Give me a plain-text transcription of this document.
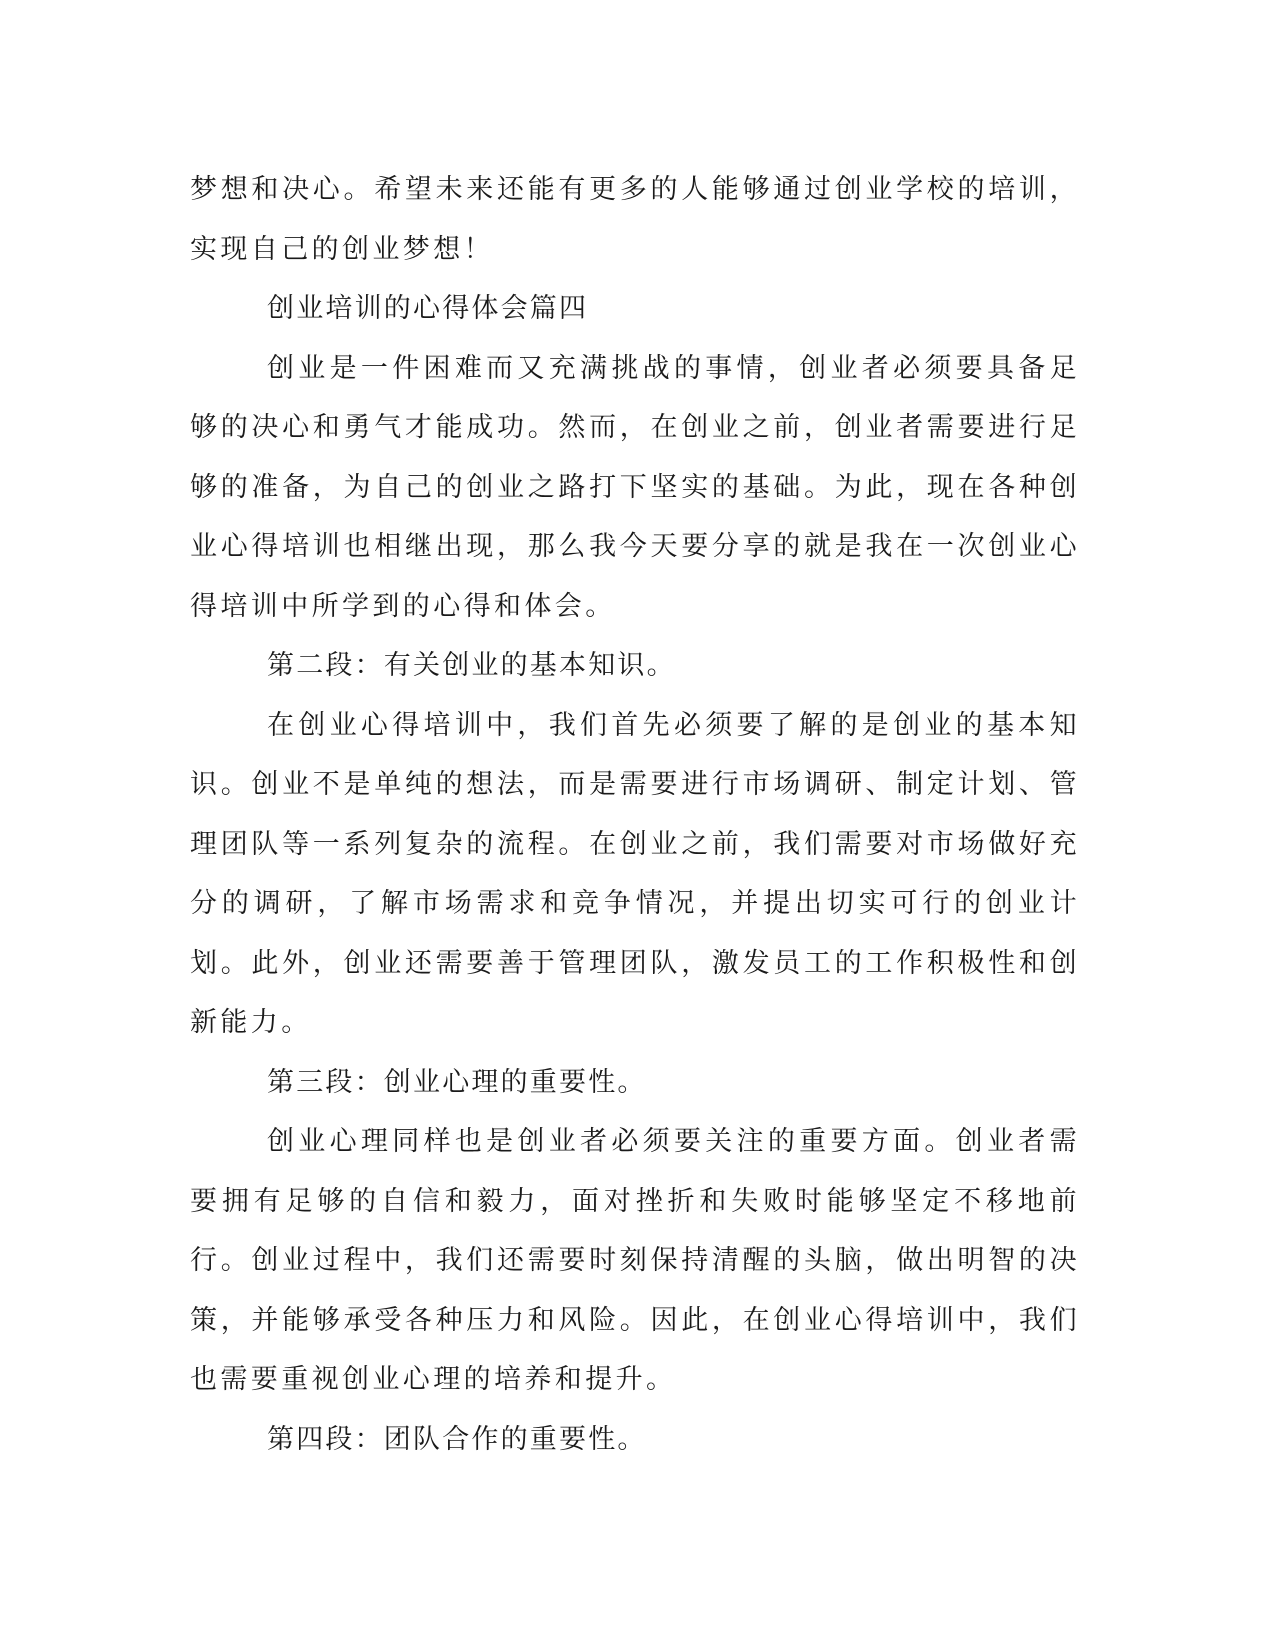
梦想和决心。希望未来还能有更多的人能够通过创业学校的培训，实现自己的创业梦想！

创业培训的心得体会篇四

创业是一件困难而又充满挑战的事情，创业者必须要具备足够的决心和勇气才能成功。然而，在创业之前，创业者需要进行足够的准备，为自己的创业之路打下坚实的基础。为此，现在各种创业心得培训也相继出现，那么我今天要分享的就是我在一次创业心得培训中所学到的心得和体会。

第二段：有关创业的基本知识。

在创业心得培训中，我们首先必须要了解的是创业的基本知识。创业不是单纯的想法，而是需要进行市场调研、制定计划、管理团队等一系列复杂的流程。在创业之前，我们需要对市场做好充分的调研，了解市场需求和竞争情况，并提出切实可行的创业计划。此外，创业还需要善于管理团队，激发员工的工作积极性和创新能力。

第三段：创业心理的重要性。

创业心理同样也是创业者必须要关注的重要方面。创业者需要拥有足够的自信和毅力，面对挫折和失败时能够坚定不移地前行。创业过程中，我们还需要时刻保持清醒的头脑，做出明智的决策，并能够承受各种压力和风险。因此，在创业心得培训中，我们也需要重视创业心理的培养和提升。

第四段：团队合作的重要性。
